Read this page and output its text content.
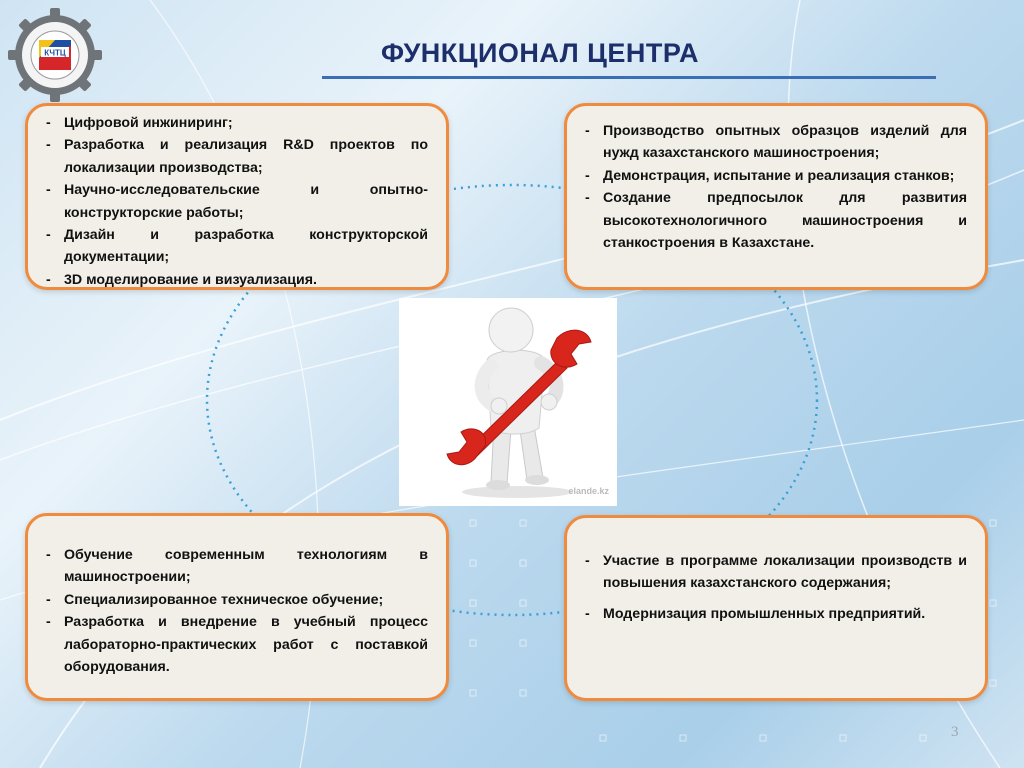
КЧТЦ	ФУНКЦИОНАЛ ЦЕНТРА
- Цифровой инжиниринг;
- Разработка и реализация R&D проектов по локализации производства;
- Научно-исследовательские и опытно-конструкторские работы;
- Дизайн и разработка конструкторской документации;
- 3D моделирование и визуализация.
- Производство опытных образцов изделий для нужд казахстанского машиностроения;
- Демонстрация, испытание и реализация станков;
- Создание предпосылок для развития высокотехнологичного машиностроения и станкостроения в Казахстане.
- Обучение современным технологиям в машиностроении;
- Специализированное техническое обучение;
- Разработка и внедрение в учебный процесс лабораторно-практических работ с поставкой оборудования.
- Участие в программе локализации производств и повышения казахстанского содержания;
- Модернизация промышленных предприятий.
elande.kz
3
